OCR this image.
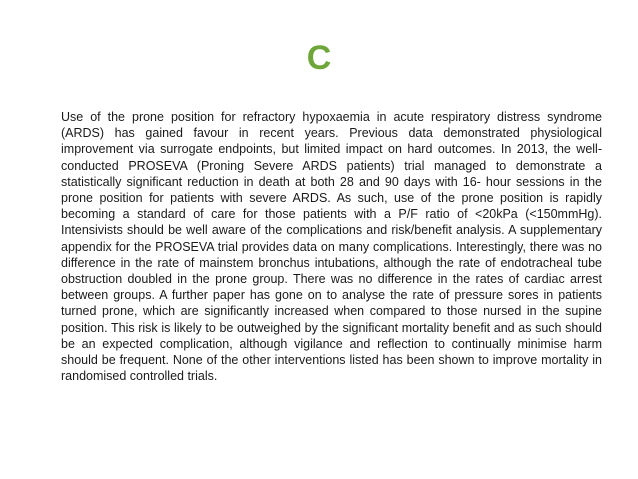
C

Use of the prone position for refractory hypoxaemia in acute respiratory distress syndrome (ARDS) has gained favour in recent years. Previous data demonstrated physiological improvement via surrogate endpoints, but limited impact on hard outcomes. In 2013, the well-conducted PROSEVA (Proning Severe ARDS patients) trial managed to demonstrate a statistically significant reduction in death at both 28 and 90 days with 16- hour sessions in the prone position for patients with severe ARDS. As such, use of the prone position is rapidly becoming a standard of care for those patients with a P/F ratio of <20kPa (<150mmHg). Intensivists should be well aware of the complications and risk/benefit analysis. A supplementary appendix for the PROSEVA trial provides data on many complications. Interestingly, there was no difference in the rate of mainstem bronchus intubations, although the rate of endotracheal tube obstruction doubled in the prone group. There was no difference in the rates of cardiac arrest between groups. A further paper has gone on to analyse the rate of pressure sores in patients turned prone, which are significantly increased when compared to those nursed in the supine position. This risk is likely to be outweighed by the significant mortality benefit and as such should be an expected complication, although vigilance and reflection to continually minimise harm should be frequent. None of the other interventions listed has been shown to improve mortality in randomised controlled trials.
